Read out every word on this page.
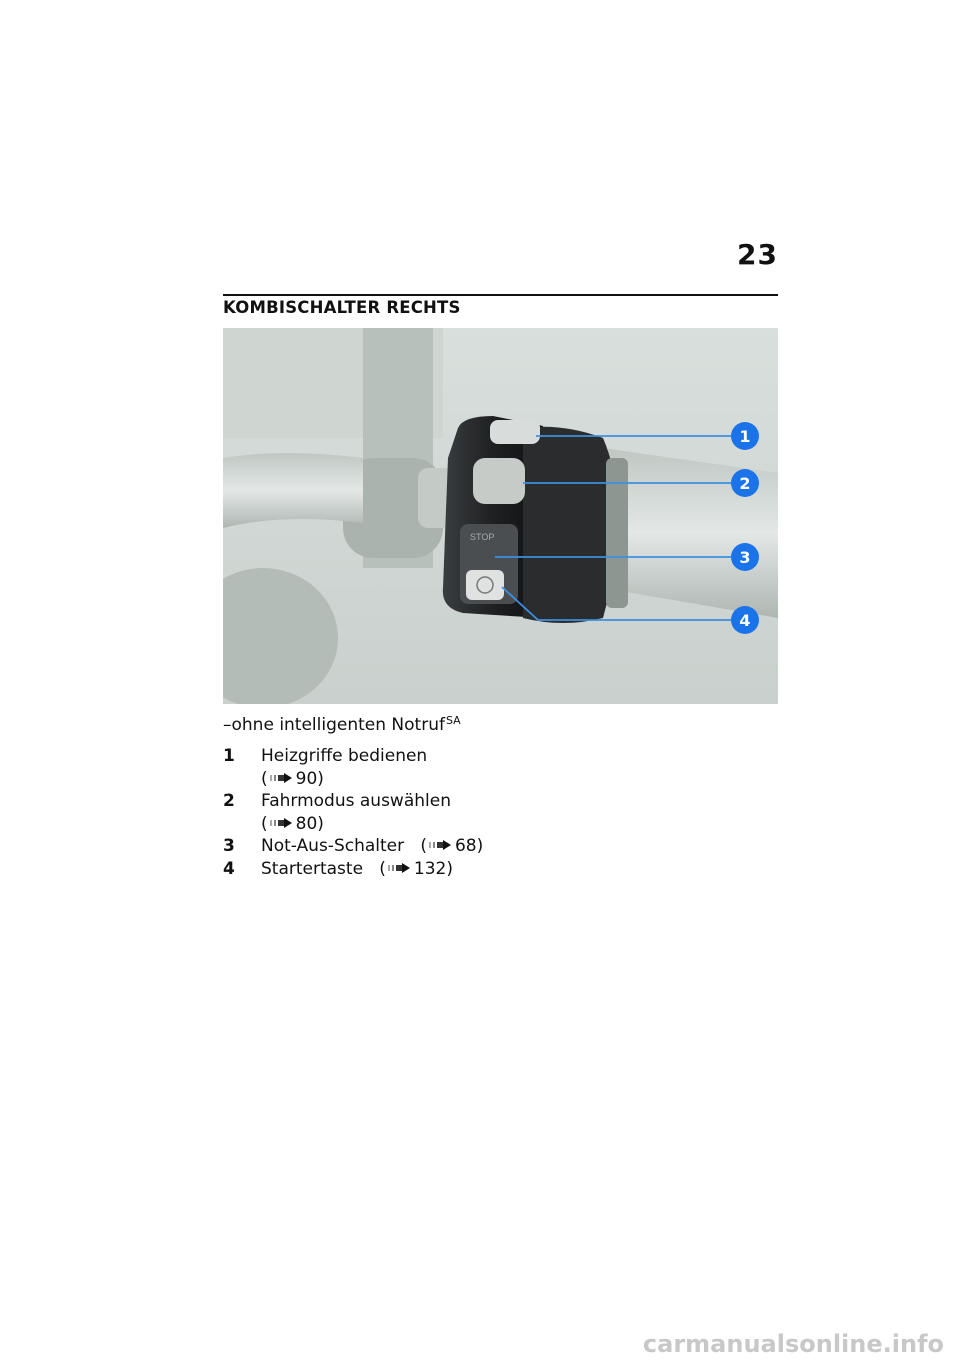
23
KOMBISCHALTER RECHTS
STOP
1
2
3
4
–ohne intelligenten Notruf$^{SA}$
1	Heizgriffe bedienen
( 90)
2	Fahrmodus auswählen
( 80)
3	Not-Aus-Schalter ( 68)
4	Startertaste ( 132)
carmanualsonline.info
